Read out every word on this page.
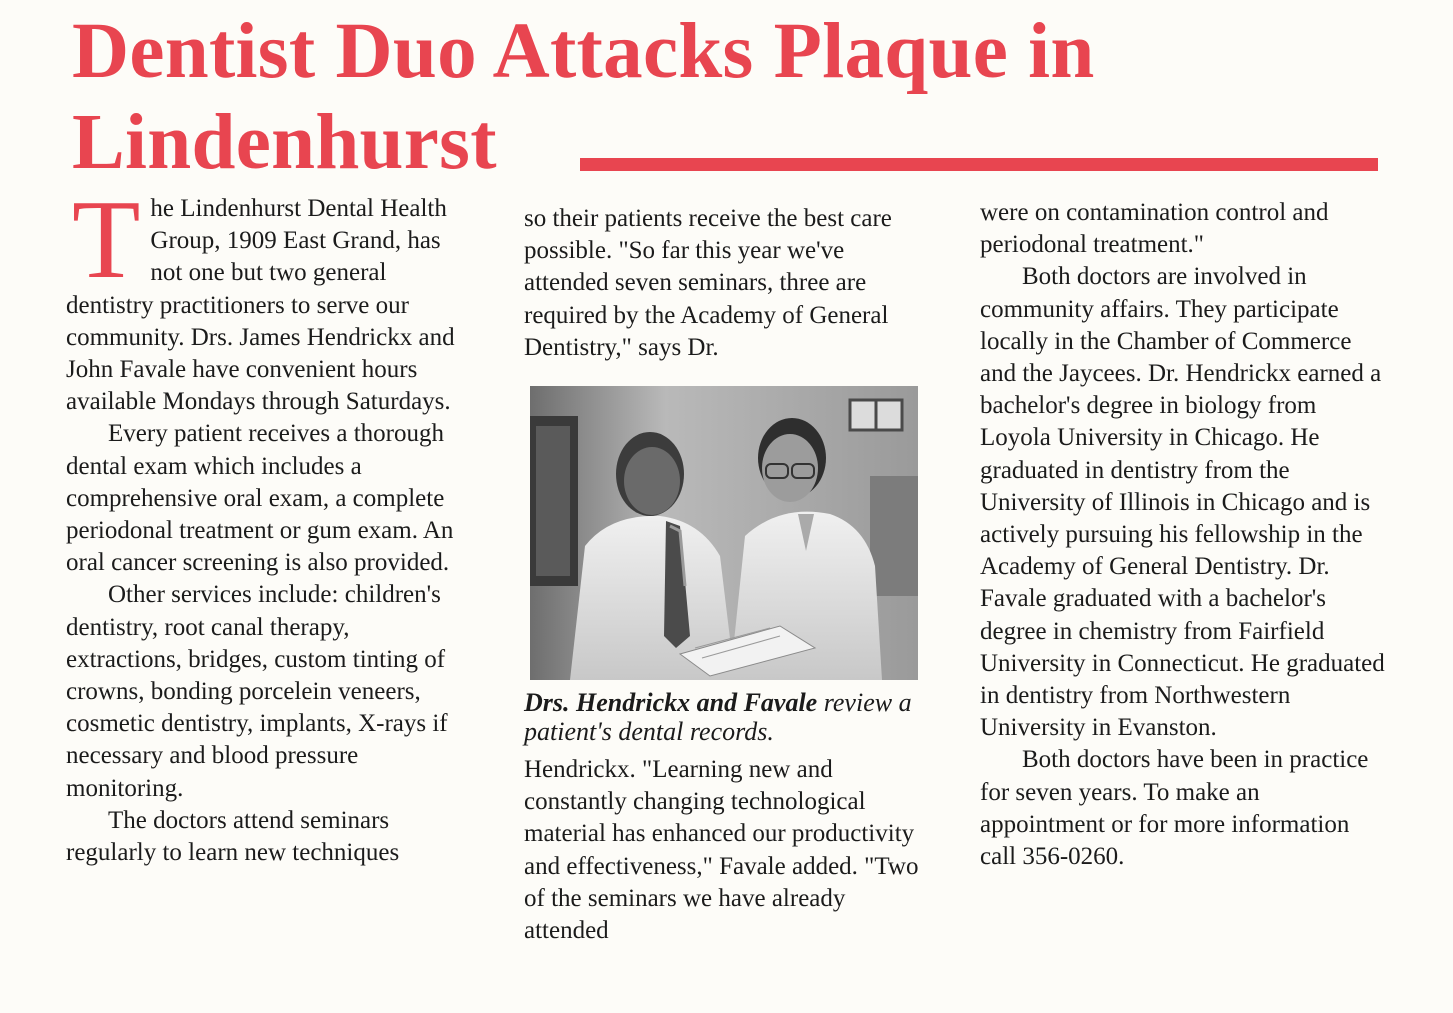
Dentist Duo Attacks Plaque in Lindenhurst

The Lindenhurst Dental Health Group, 1909 East Grand, has not one but two general dentistry practitioners to serve our community. Drs. James Hendrickx and John Favale have convenient hours available Mondays through Saturdays.

Every patient receives a thorough dental exam which includes a comprehensive oral exam, a complete periodonal treatment or gum exam. An oral cancer screening is also provided.

Other services include: children's dentistry, root canal therapy, extractions, bridges, custom tinting of crowns, bonding porcelein veneers, cosmetic dentistry, implants, X-rays if necessary and blood pressure monitoring.

The doctors attend seminars regularly to learn new techniques

so their patients receive the best care possible. "So far this year we've attended seven seminars, three are required by the Academy of General Dentistry," says Dr.

Drs. Hendrickx and Favale review a patient's dental records.

Hendrickx. "Learning new and constantly changing technological material has enhanced our productivity and effectiveness," Favale added. "Two of the seminars we have already attended

were on contamination control and periodonal treatment."

Both doctors are involved in community affairs. They participate locally in the Chamber of Commerce and the Jaycees. Dr. Hendrickx earned a bachelor's degree in biology from Loyola University in Chicago. He graduated in dentistry from the University of Illinois in Chicago and is actively pursuing his fellowship in the Academy of General Dentistry. Dr. Favale graduated with a bachelor's degree in chemistry from Fairfield University in Connecticut. He graduated in dentistry from Northwestern University in Evanston.

Both doctors have been in practice for seven years. To make an appointment or for more information call 356-0260.
